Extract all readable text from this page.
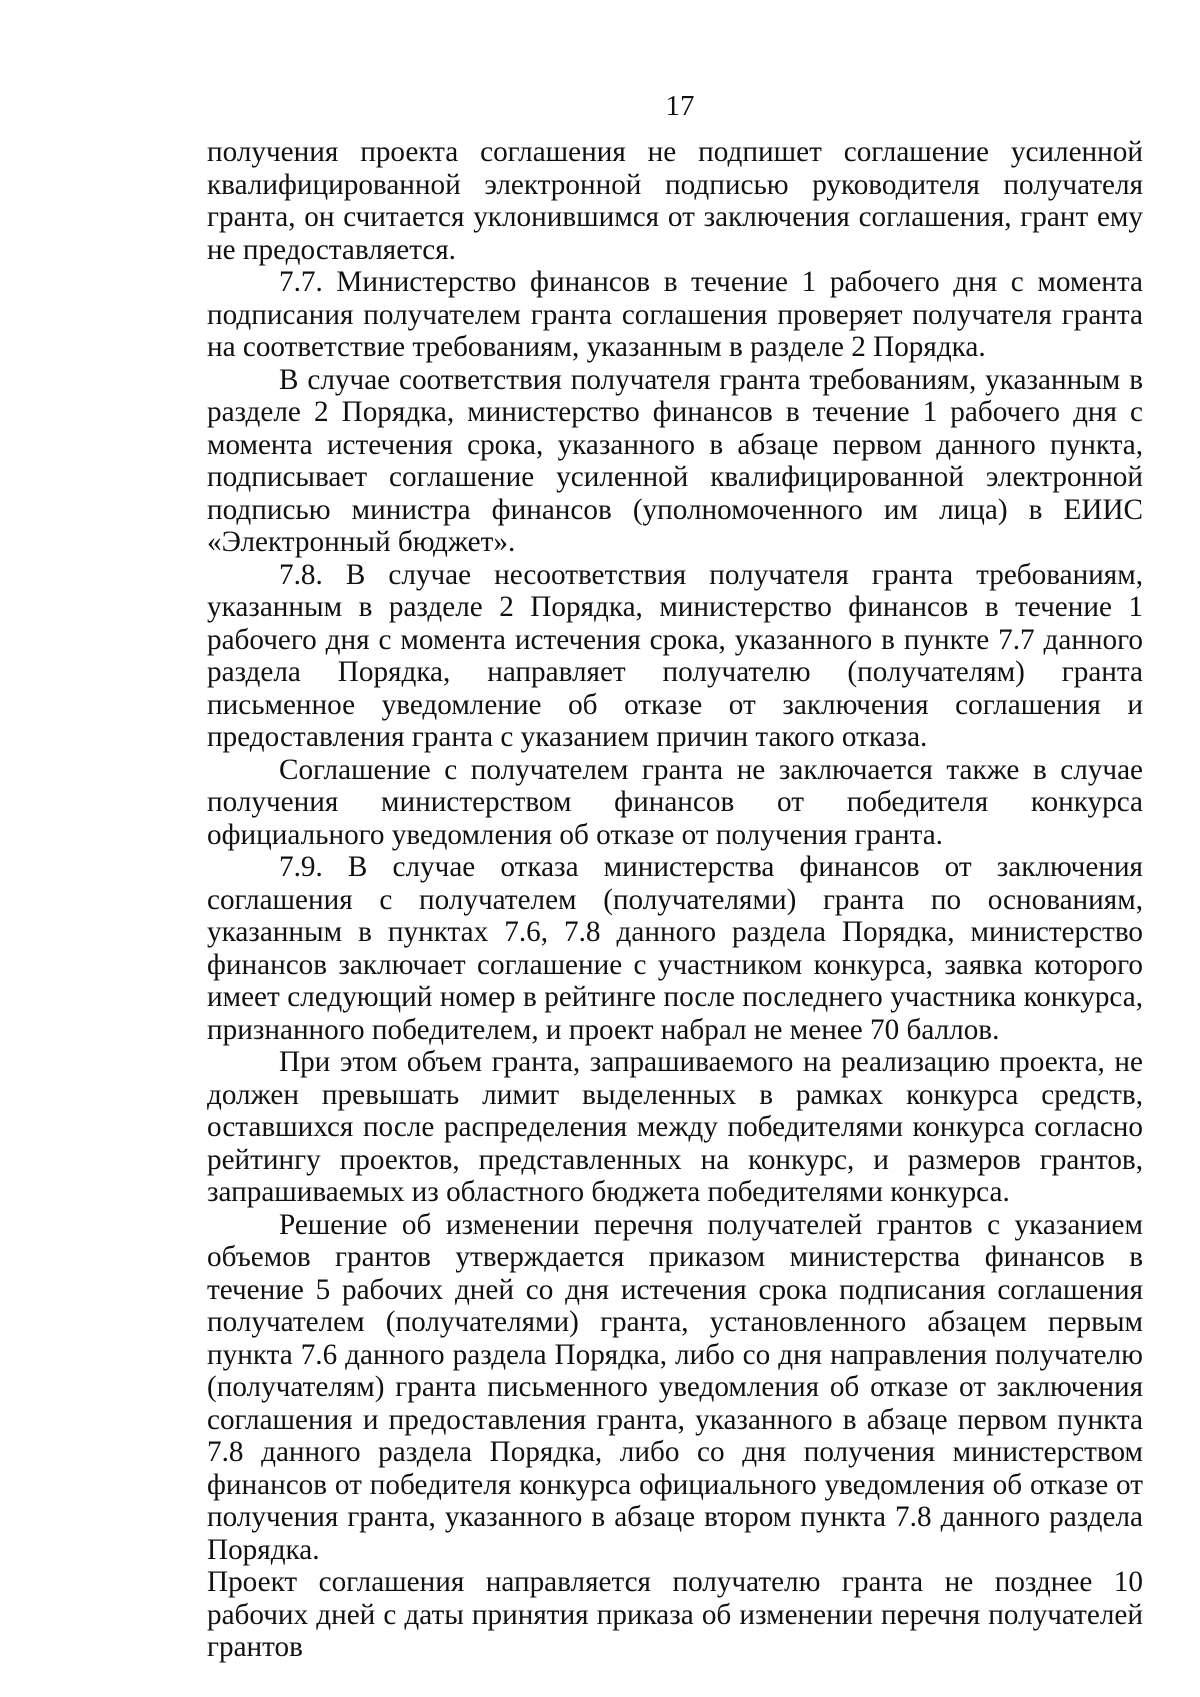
17

получения проекта соглашения не подпишет соглашение усиленной квалифицированной электронной подписью руководителя получателя гранта, он считается уклонившимся от заключения соглашения, грант ему не предоставляется.

7.7. Министерство финансов в течение 1 рабочего дня с момента подписания получателем гранта соглашения проверяет получателя гранта на соответствие требованиям, указанным в разделе 2 Порядка.

В случае соответствия получателя гранта требованиям, указанным в разделе 2 Порядка, министерство финансов в течение 1 рабочего дня с момента истечения срока, указанного в абзаце первом данного пункта, подписывает соглашение усиленной квалифицированной электронной подписью министра финансов (уполномоченного им лица) в ЕИИС «Электронный бюджет».

7.8. В случае несоответствия получателя гранта требованиям, указанным в разделе 2 Порядка, министерство финансов в течение 1 рабочего дня с момента истечения срока, указанного в пункте 7.7 данного раздела Порядка, направляет получателю (получателям) гранта письменное уведомление об отказе от заключения соглашения и предоставления гранта с указанием причин такого отказа.

Соглашение с получателем гранта не заключается также в случае получения министерством финансов от победителя конкурса официального уведомления об отказе от получения гранта.

7.9. В случае отказа министерства финансов от заключения соглашения с получателем (получателями) гранта по основаниям, указанным в пунктах 7.6, 7.8 данного раздела Порядка, министерство финансов заключает соглашение с участником конкурса, заявка которого имеет следующий номер в рейтинге после последнего участника конкурса, признанного победителем, и проект набрал не менее 70 баллов.

При этом объем гранта, запрашиваемого на реализацию проекта, не должен превышать лимит выделенных в рамках конкурса средств, оставшихся после распределения между победителями конкурса согласно рейтингу проектов, представленных на конкурс, и размеров грантов, запрашиваемых из областного бюджета победителями конкурса.

Решение об изменении перечня получателей грантов с указанием объемов грантов утверждается приказом министерства финансов в течение 5 рабочих дней со дня истечения срока подписания соглашения получателем (получателями) гранта, установленного абзацем первым пункта 7.6 данного раздела Порядка, либо со дня направления получателю (получателям) гранта письменного уведомления об отказе от заключения соглашения и предоставления гранта, указанного в абзаце первом пункта 7.8 данного раздела Порядка, либо со дня получения министерством финансов от победителя конкурса официального уведомления об отказе от получения гранта, указанного в абзаце втором пункта 7.8 данного раздела Порядка.

Проект соглашения направляется получателю гранта не позднее 10 рабочих дней с даты принятия приказа об изменении перечня получателей грантов
